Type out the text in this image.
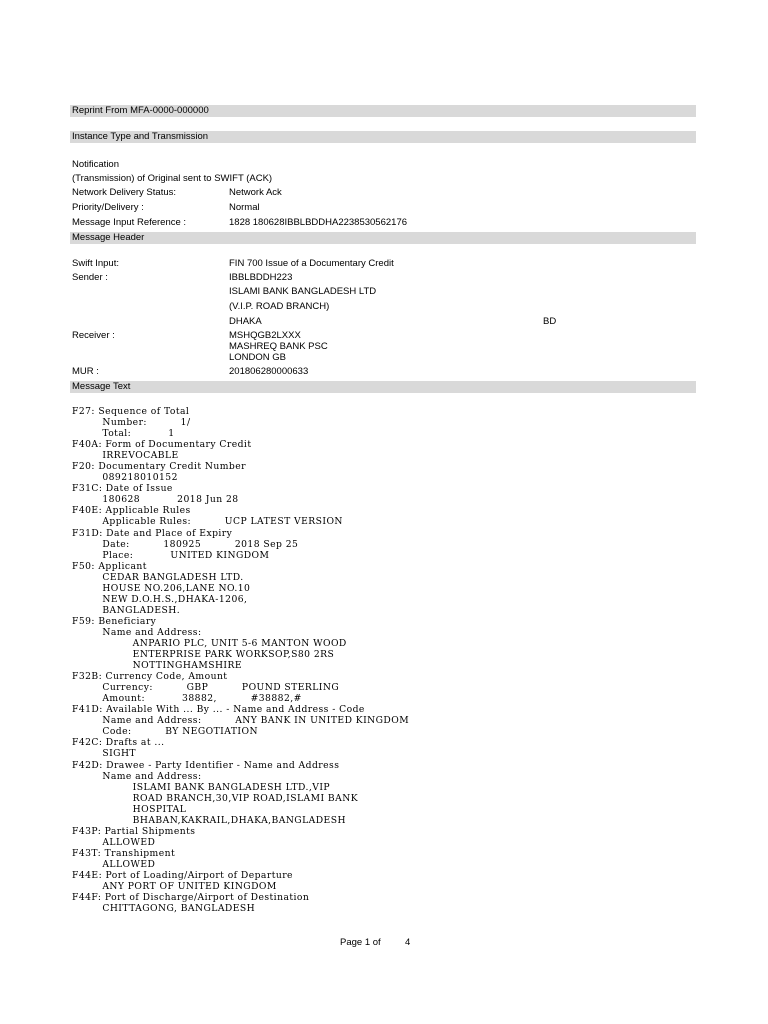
Reprint From MFA-0000-000000
Instance Type and Transmission
Notification
(Transmission) of Original sent to SWIFT (ACK)
Network Delivery Status:	Network Ack
Priority/Delivery :	Normal
Message Input Reference :	1828 180628IBBLBDDHA2238530562176
Message Header
Swift Input:	FIN 700 Issue of a Documentary Credit
Sender :	IBBLBDDH223
ISLAMI BANK BANGLADESH LTD
(V.I.P. ROAD BRANCH)
DHAKA	BD
Receiver :	MSHQGB2LXXX
MASHREQ BANK PSC
LONDON GB
MUR :	201806280000633
Message Text
F27: Sequence of Total
Number:          1/
Total:           1
F40A: Form of Documentary Credit
IRREVOCABLE
F20: Documentary Credit Number
089218010152
F31C: Date of Issue
180628           2018 Jun 28
F40E: Applicable Rules
Applicable Rules:          UCP LATEST VERSION
F31D: Date and Place of Expiry
Date:          180925          2018 Sep 25
Place:           UNITED KINGDOM
F50: Applicant
CEDAR BANGLADESH LTD.
HOUSE NO.206,LANE NO.10
NEW D.O.H.S.,DHAKA-1206,
BANGLADESH.
F59: Beneficiary
Name and Address:
ANPARIO PLC, UNIT 5-6 MANTON WOOD
ENTERPRISE PARK WORKSOP,S80 2RS
NOTTINGHAMSHIRE
F32B: Currency Code, Amount
Currency:          GBP          POUND STERLING
Amount:           38882,          #38882,#
F41D: Available With ... By ... - Name and Address - Code
Name and Address:          ANY BANK IN UNITED KINGDOM
Code:          BY NEGOTIATION
F42C: Drafts at ...
SIGHT
F42D: Drawee - Party Identifier - Name and Address
Name and Address:
ISLAMI BANK BANGLADESH LTD.,VIP
ROAD BRANCH,30,VIP ROAD,ISLAMI BANK
HOSPITAL
BHABAN,KAKRAIL,DHAKA,BANGLADESH
F43P: Partial Shipments
ALLOWED
F43T: Transhipment
ALLOWED
F44E: Port of Loading/Airport of Departure
ANY PORT OF UNITED KINGDOM
F44F: Port of Discharge/Airport of Destination
CHITTAGONG, BANGLADESH
Page 1 of	4
